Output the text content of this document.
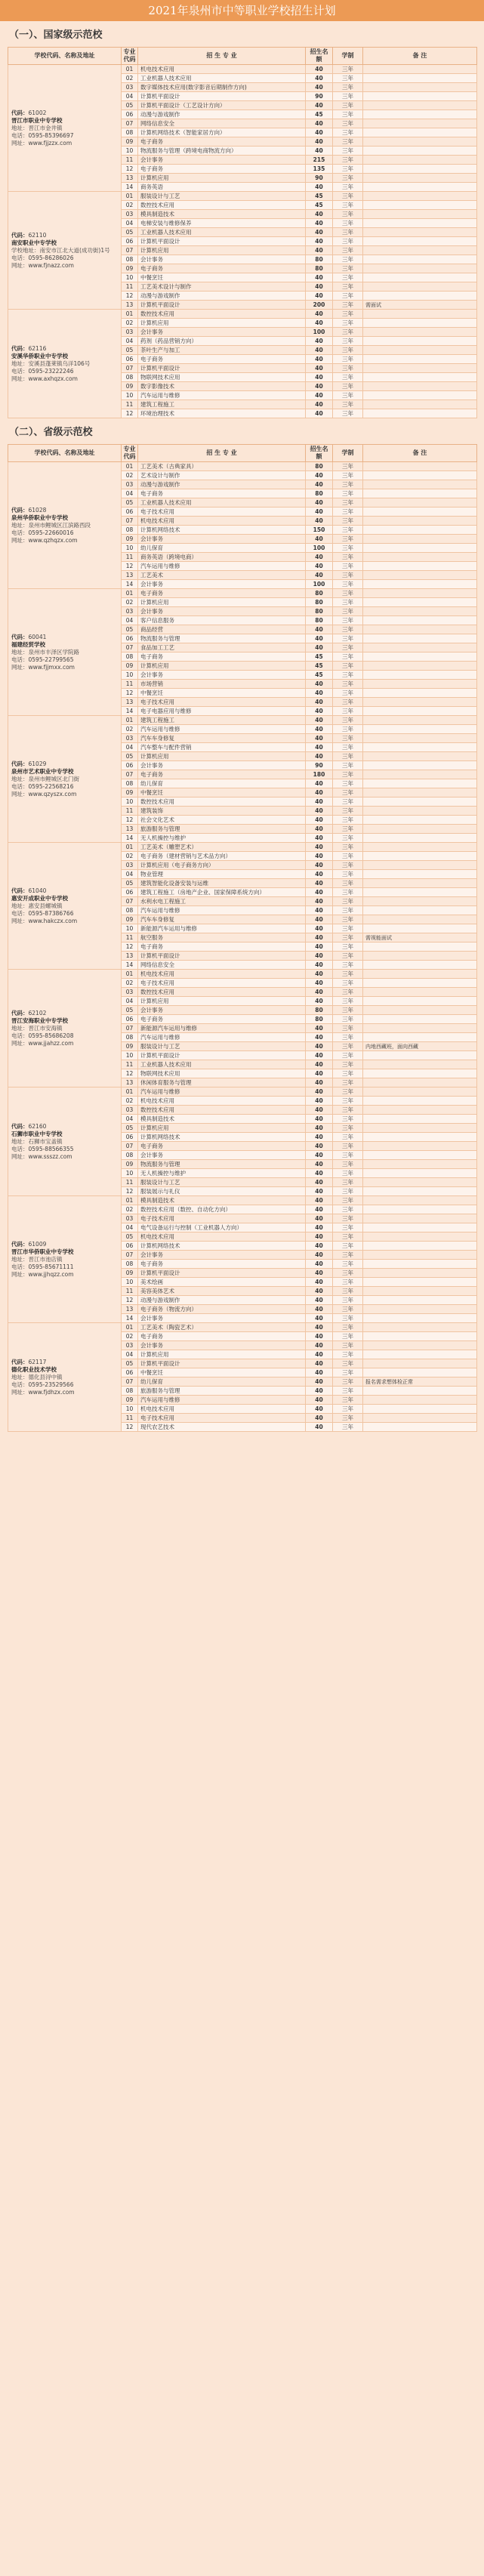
2021年泉州市中等职业学校招生计划
（一）、国家级示范校
学校代码、名称及地址	专业代码	招 生 专 业	招生名额	学制	备 注

代码：61002
晋江市职业中专学校
地址：晋江市金井镇
电话：0595-85396697
网址：www.fjjzzx.com	01	机电技术应用	40	三年	
	02	工业机器人技术应用	40	三年	
	03	数字媒体技术应用(数字影音后期制作方向)	40	三年	
	04	计算机平面设计	90	三年	
	05	计算机平面设计（工艺设计方向）	40	三年	
	06	动漫与游戏制作	45	三年	
	07	网络信息安全	40	三年	
	08	计算机网络技术（智能家居方向）	40	三年	
	09	电子商务	40	三年	
	10	物流服务与管理（跨境电商物流方向）	40	三年	
	11	会计事务	215	三年	
	12	电子商务	135	三年	
	13	计算机应用	90	三年	
	14	商务英语	40	三年	

代码：62110
南安职业中专学校
学校地址：南安市江北大道(成功街)1号
电话：0595-86286026
网址：www.fjnazz.com	01	服装设计与工艺	45	三年	
	02	数控技术应用	45	三年	
	03	模具制造技术	40	三年	
	04	电梯安装与维修保养	40	三年	
	05	工业机器人技术应用	40	三年	
	06	计算机平面设计	40	三年	
	07	计算机应用	40	三年	
	08	会计事务	80	三年	
	09	电子商务	80	三年	
	10	中餐烹饪	40	三年	
	11	工艺美术设计与制作	40	三年	
	12	动漫与游戏制作	40	三年	
	13	计算机平面设计	200	三年	需面试

代码：62116
安溪华侨职业中专学校
地址：安溪县蓬莱镇乌洋106号
电话：0595-23222246
网址：www.axhqzx.com	01	数控技术应用	40	三年	
	02	计算机应用	40	三年	
	03	会计事务	100	三年	
	04	药剂（药品营销方向）	40	三年	
	05	茶叶生产与加工	40	三年	
	06	电子商务	40	三年	
	07	计算机平面设计	40	三年	
	08	物联网技术应用	40	三年	
	09	数字影像技术	40	三年	
	10	汽车运用与维修	40	三年	
	11	建筑工程施工	40	三年	
	12	环境治理技术	40	三年	
（二）、省级示范校
学校代码、名称及地址	专业代码	招 生 专 业	招生名额	学制	备 注

代码：61028
泉州华侨职业中专学校
地址：泉州市鲤城区江滨路西段
电话：0595-22660016
网址：www.qzhqzx.com	01	工艺美术（古典家具）	80	三年	
	02	艺术设计与制作	40	三年	
	03	动漫与游戏制作	40	三年	
	04	电子商务	80	三年	
	05	工业机器人技术应用	40	三年	
	06	电子技术应用	40	三年	
	07	机电技术应用	40	三年	
	08	计算机网络技术	150	三年	
	09	会计事务	40	三年	
	10	幼儿保育	100	三年	
	11	商务英语（跨境电商）	40	三年	
	12	汽车运用与维修	40	三年	
	13	工艺美术	40	三年	
	14	会计事务	100	三年	

代码：60041
福建经贸学校
地址：泉州市丰泽区学院路
电话：0595-22799565
网址：www.fjjmxx.com	01	电子商务	80	三年	
	02	计算机应用	80	三年	
	03	会计事务	80	三年	
	04	客户信息服务	80	三年	
	05	商品经营	40	三年	
	06	物流服务与管理	40	三年	
	07	食品加工工艺	40	三年	
	08	电子商务	45	三年	
	09	计算机应用	45	三年	
	10	会计事务	45	三年	
	11	市场营销	40	三年	
	12	中餐烹饪	40	三年	
	13	电子技术应用	40	三年	
	14	电子电器应用与维修	40	三年	

代码：61029
泉州市艺术职业中专学校
地址：泉州市鲤城区北门街
电话：0595-22568216
网址：www.qzyszx.com	01	建筑工程施工	40	三年	
	02	汽车运用与维修	40	三年	
	03	汽车车身修复	40	三年	
	04	汽车整车与配件营销	40	三年	
	05	计算机应用	40	三年	
	06	会计事务	90	三年	
	07	电子商务	180	三年	
	08	幼儿保育	40	三年	
	09	中餐烹饪	40	三年	
	10	数控技术应用	40	三年	
	11	建筑装饰	40	三年	
	12	社会文化艺术	40	三年	
	13	旅游服务与管理	40	三年	
	14	无人机操控与维护	40	三年	

代码：61040
惠安开成职业中专学校
地址：惠安县螺城镇
电话：0595-87386766
网址：www.hakczx.com	01	工艺美术（雕塑艺术）	40	三年	
	02	电子商务（建材营销与艺术品方向）	40	三年	
	03	计算机应用（电子商务方向）	40	三年	
	04	物业管理	40	三年	
	05	建筑智能化设备安装与运维	40	三年	
	06	建筑工程施工（房地产企业、国家保障系统方向）	40	三年	
	07	水利水电工程施工	40	三年	
	08	汽车运用与维修	40	三年	
	09	汽车车身修复	40	三年	
	10	新能源汽车运用与维修	40	三年	
	11	航空服务	40	三年	需视能面试
	12	电子商务	40	三年	
	13	计算机平面设计	40	三年	
	14	网络信息安全	40	三年	

代码：62102
晋江安海职业中专学校
地址：晋江市安海镇
电话：0595-85686208
网址：www.jjahzz.com	01	机电技术应用	40	三年	
	02	电子技术应用	40	三年	
	03	数控技术应用	40	三年	
	04	计算机应用	40	三年	
	05	会计事务	80	三年	
	06	电子商务	80	三年	
	07	新能源汽车运用与维修	40	三年	
	08	汽车运用与维修	40	三年	
	09	服装设计与工艺	40	三年	内地西藏班，面向西藏
	10	计算机平面设计	40	三年	
	11	工业机器人技术应用	40	三年	
	12	物联网技术应用	40	三年	
	13	休闲体育服务与管理	40	三年	

代码：62160
石狮市职业中专学校
地址：石狮市宝盖镇
电话：0595-88566355
网址：www.ssszz.com	01	汽车运用与维修	40	三年	
	02	机电技术应用	40	三年	
	03	数控技术应用	40	三年	
	04	模具制造技术	40	三年	
	05	计算机应用	40	三年	
	06	计算机网络技术	40	三年	
	07	电子商务	40	三年	
	08	会计事务	40	三年	
	09	物流服务与管理	40	三年	
	10	无人机操控与维护	40	三年	
	11	服装设计与工艺	40	三年	
	12	服装展示与礼仪	40	三年	

代码：61009
晋江市华侨职业中专学校
地址：晋江市池店镇
电话：0595-85671111
网址：www.jjhqzz.com	01	模具制造技术	40	三年	
	02	数控技术应用（数控、自动化方向）	40	三年	
	03	电子技术应用	40	三年	
	04	电气设备运行与控制（工业机器人方向）	40	三年	
	05	机电技术应用	40	三年	
	06	计算机网络技术	40	三年	
	07	会计事务	40	三年	
	08	电子商务	40	三年	
	09	计算机平面设计	40	三年	
	10	美术绘画	40	三年	
	11	美容美体艺术	40	三年	
	12	动漫与游戏制作	40	三年	
	13	电子商务（物流方向）	40	三年	
	14	会计事务	40	三年	

代码：62117
德化职业技术学校
地址：德化县浔中镇
电话：0595-23529566
网址：www.fjdhzx.com	01	工艺美术（陶瓷艺术）	40	三年	
	02	电子商务	40	三年	
	03	会计事务	40	三年	
	04	计算机应用	40	三年	
	05	计算机平面设计	40	三年	
	06	中餐烹饪	40	三年	
	07	幼儿保育	40	三年	报名需求想体检正常
	08	旅游服务与管理	40	三年	
	09	汽车运用与维修	40	三年	
	10	机电技术应用	40	三年	
	11	电子技术应用	40	三年	
	12	现代农艺技术	40	三年	
